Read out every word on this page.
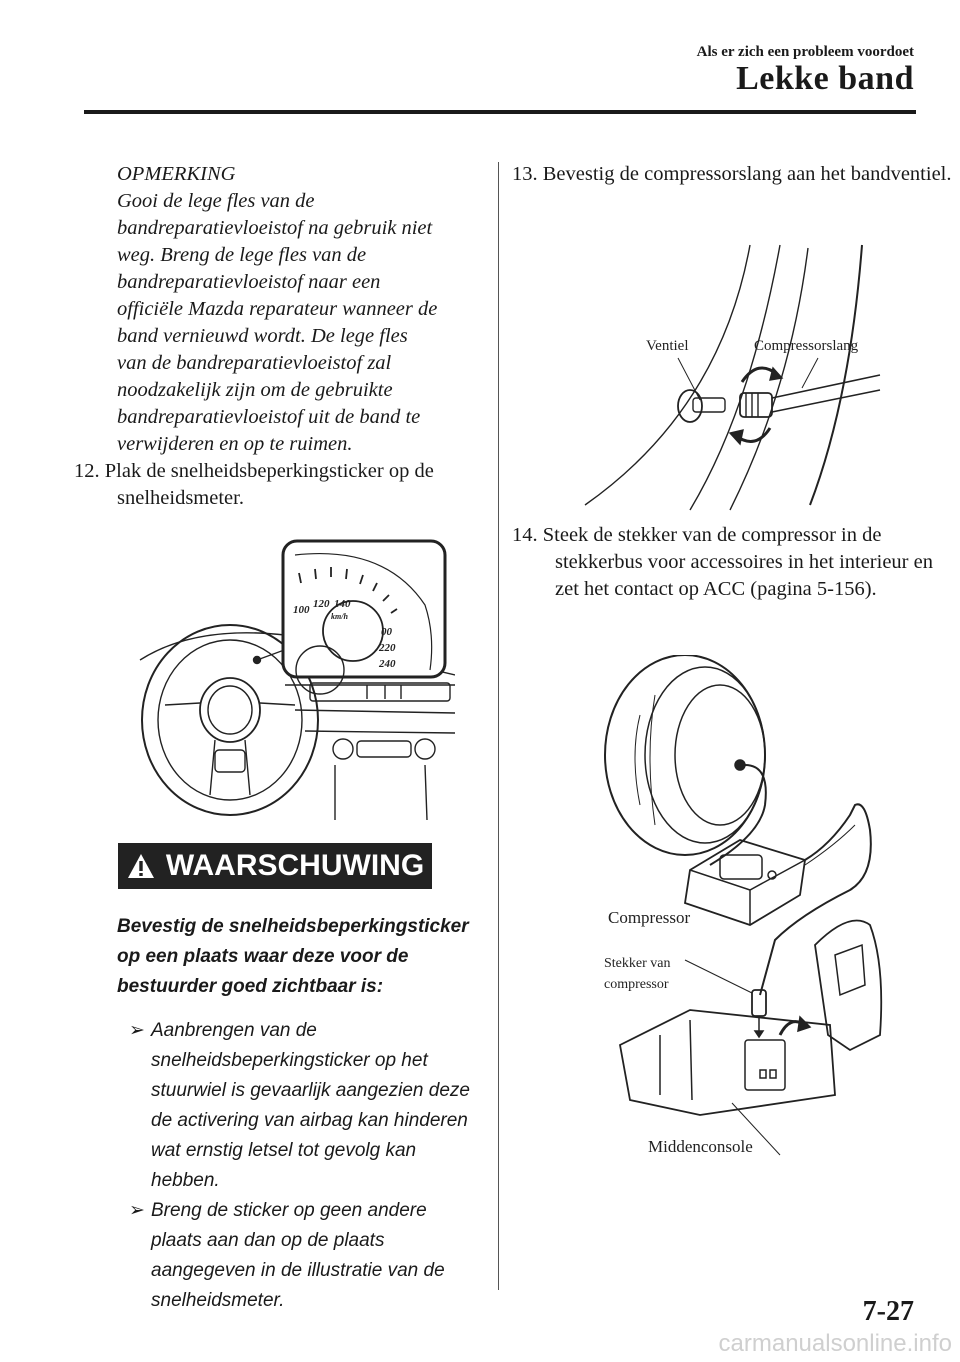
Als er zich een probleem voordoet
Lekke band
OPMERKING
Gooi de lege fles van de
bandreparatievloeistof na gebruik niet
weg. Breng de lege fles van de
bandreparatievloeistof naar een
officiële Mazda reparateur wanneer de
band vernieuwd wordt. De lege fles
van de bandreparatievloeistof zal
noodzakelijk zijn om de gebruikte
bandreparatievloeistof uit de band te
verwijderen en op te ruimen.
12. Plak de snelheidsbeperkingsticker op de snelheidsmeter.
100 120 140
km/h
00
220
240
WAARSCHUWING
Bevestig de snelheidsbeperkingsticker op een plaats waar deze voor de bestuurder goed zichtbaar is:
➢ Aanbrengen van de snelheidsbeperkingsticker op het stuurwiel is gevaarlijk aangezien deze de activering van airbag kan hinderen wat ernstig letsel tot gevolg kan hebben.
➢ Breng de sticker op geen andere plaats aan dan op de plaats aangegeven in de illustratie van de snelheidsmeter.
13. Bevestig de compressorslang aan het bandventiel.
Ventiel	Compressorslang
14. Steek de stekker van de compressor in de stekkerbus voor accessoires in het interieur en zet het contact op ACC (pagina 5-156).
Compressor
Stekker van
compressor
Middenconsole
7-27
carmanualsonline.info
